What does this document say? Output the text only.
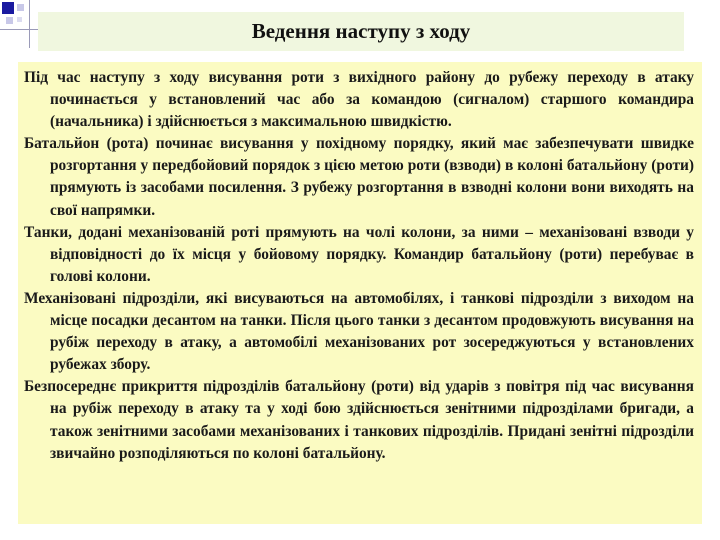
Ведення наступу з ходу

Під час наступу з ходу висування роти з вихідного району до рубежу переходу в атаку починається у встановлений час або за командою (сигналом) старшого командира (начальника) і здійснюється з максимальною швидкістю.

Батальйон (рота) починає висування у похідному порядку, який має забезпечувати швидке розгортання у передбойовий порядок з цією метою роти (взводи) в колоні батальйону (роти) прямують із засобами посилення. З рубежу розгортання в взводні колони вони виходять на свої напрямки.

Танки, додані механізованій роті прямують на чолі колони, за ними – механізовані взводи у відповідності до їх місця у бойовому порядку. Командир батальйону (роти) перебуває в голові колони.

Механізовані підрозділи, які висуваються на автомобілях, і танкові підрозділи з виходом на місце посадки десантом на танки. Після цього танки з десантом продовжують висування на рубіж переходу в атаку, а автомобілі механізованих рот зосереджуються у встановлених рубежах збору.

Безпосереднє прикриття підрозділів батальйону (роти) від ударів з повітря під час висування на рубіж переходу в атаку та у ході бою здійснюється зенітними підрозділами бригади, а також зенітними засобами механізованих і танкових підрозділів. Придані зенітні підрозділи звичайно розподіляються по колоні батальйону.
